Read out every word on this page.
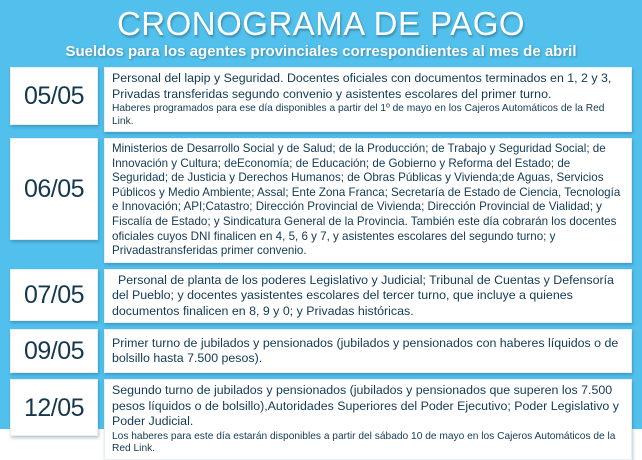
CRONOGRAMA DE PAGO
Sueldos para los agentes provinciales correspondientes al mes de abril
05/05
Personal del lapip y Seguridad. Docentes oficiales con documentos terminados en 1, 2 y 3, Privadas transferidas segundo convenio y asistentes escolares del primer turno.
Haberes programados para ese día disponibles a partir del 1º de mayo en los Cajeros Automáticos de la Red Link.
06/05
Ministerios de Desarrollo Social y de Salud; de la Producción; de Trabajo y Seguridad Social; de Innovación y Cultura; deEconomía; de Educación; de Gobierno y Reforma del Estado; de Seguridad; de Justicia y Derechos Humanos; de Obras Públicas y Vivienda;de Aguas, Servicios Públicos y Medio Ambiente; Assal; Ente Zona Franca; Secretaría de Estado de Ciencia, Tecnología e Innovación; API;Catastro; Dirección Provincial de Vivienda; Dirección Provincial de Vialidad; y Fiscalía de Estado; y Sindicatura General de la Provincia. También este día cobrarán los docentes oficiales cuyos DNI finalicen en 4, 5, 6 y 7, y asistentes escolares del segundo turno; y Privadastransferidas primer convenio.
07/05
Personal de planta de los poderes Legislativo y Judicial; Tribunal de Cuentas y Defensoría del Pueblo; y docentes yasistentes escolares del tercer turno, que incluye a quienes documentos finalicen en 8, 9 y 0; y Privadas históricas.
09/05 Primer turno de jubilados y pensionados (jubilados y pensionados con haberes líquidos o de bolsillo hasta 7.500 pesos).
12/05
Segundo turno de jubilados y pensionados (jubilados y pensionados que superen los 7.500 pesos líquidos o de bolsillo),Autoridades Superiores del Poder Ejecutivo; Poder Legislativo y Poder Judicial.
Los haberes para este día estarán disponibles a partir del sábado 10 de mayo en los Cajeros Automáticos de la Red Link.
